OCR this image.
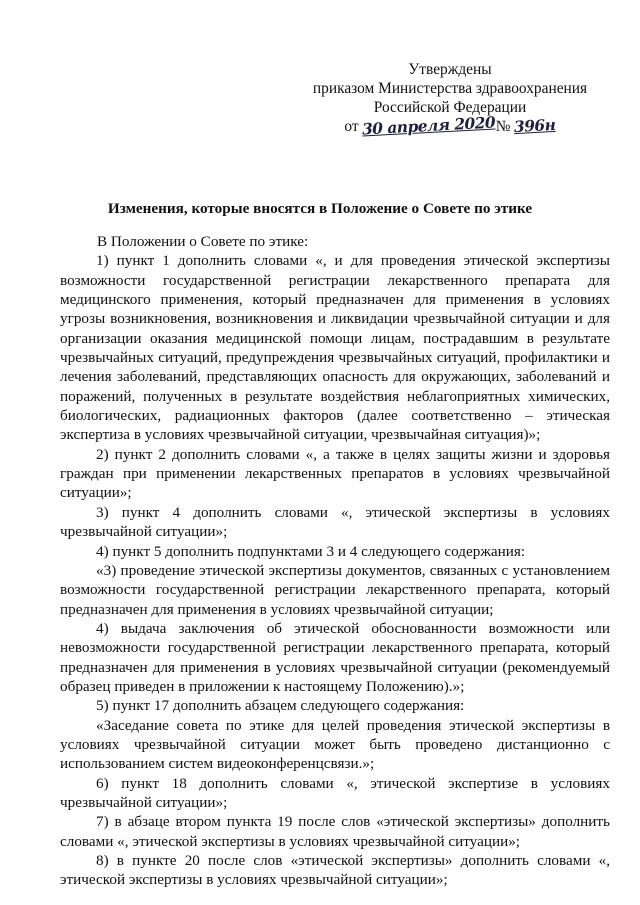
Утверждены
приказом Министерства здравоохранения
Российской Федерации
от 30 апреля 2020№ 396н
Изменения, которые вносятся в Положение о Совете по этике

В Положении о Совете по этике:

1) пункт 1 дополнить словами «, и для проведения этической экспертизы возможности государственной регистрации лекарственного препарата для медицинского применения, который предназначен для применения в условиях угрозы возникновения, возникновения и ликвидации чрезвычайной ситуации и для организации оказания медицинской помощи лицам, пострадавшим в результате чрезвычайных ситуаций, предупреждения чрезвычайных ситуаций, профилактики и лечения заболеваний, представляющих опасность для окружающих, заболеваний и поражений, полученных в результате воздействия неблагоприятных химических, биологических, радиационных факторов (далее соответственно – этическая экспертиза в условиях чрезвычайной ситуации, чрезвычайная ситуация)»;

2) пункт 2 дополнить словами «, а также в целях защиты жизни и здоровья граждан при применении лекарственных препаратов в условиях чрезвычайной ситуации»;

3) пункт 4 дополнить словами «, этической экспертизы в условиях чрезвычайной ситуации»;

4) пункт 5 дополнить подпунктами 3 и 4 следующего содержания:

«3) проведение этической экспертизы документов, связанных с установлением возможности государственной регистрации лекарственного препарата, который предназначен для применения в условиях чрезвычайной ситуации;

4) выдача заключения об этической обоснованности возможности или невозможности государственной регистрации лекарственного препарата, который предназначен для применения в условиях чрезвычайной ситуации (рекомендуемый образец приведен в приложении к настоящему Положению).»;

5) пункт 17 дополнить абзацем следующего содержания:

«Заседание совета по этике для целей проведения этической экспертизы в условиях чрезвычайной ситуации может быть проведено дистанционно с использованием систем видеоконференцсвязи.»;

6) пункт 18 дополнить словами «, этической экспертизе в условиях чрезвычайной ситуации»;

7) в абзаце втором пункта 19 после слов «этической экспертизы» дополнить словами «, этической экспертизы в условиях чрезвычайной ситуации»;

8) в пункте 20 после слов «этической экспертизы» дополнить словами «, этической экспертизы в условиях чрезвычайной ситуации»;
